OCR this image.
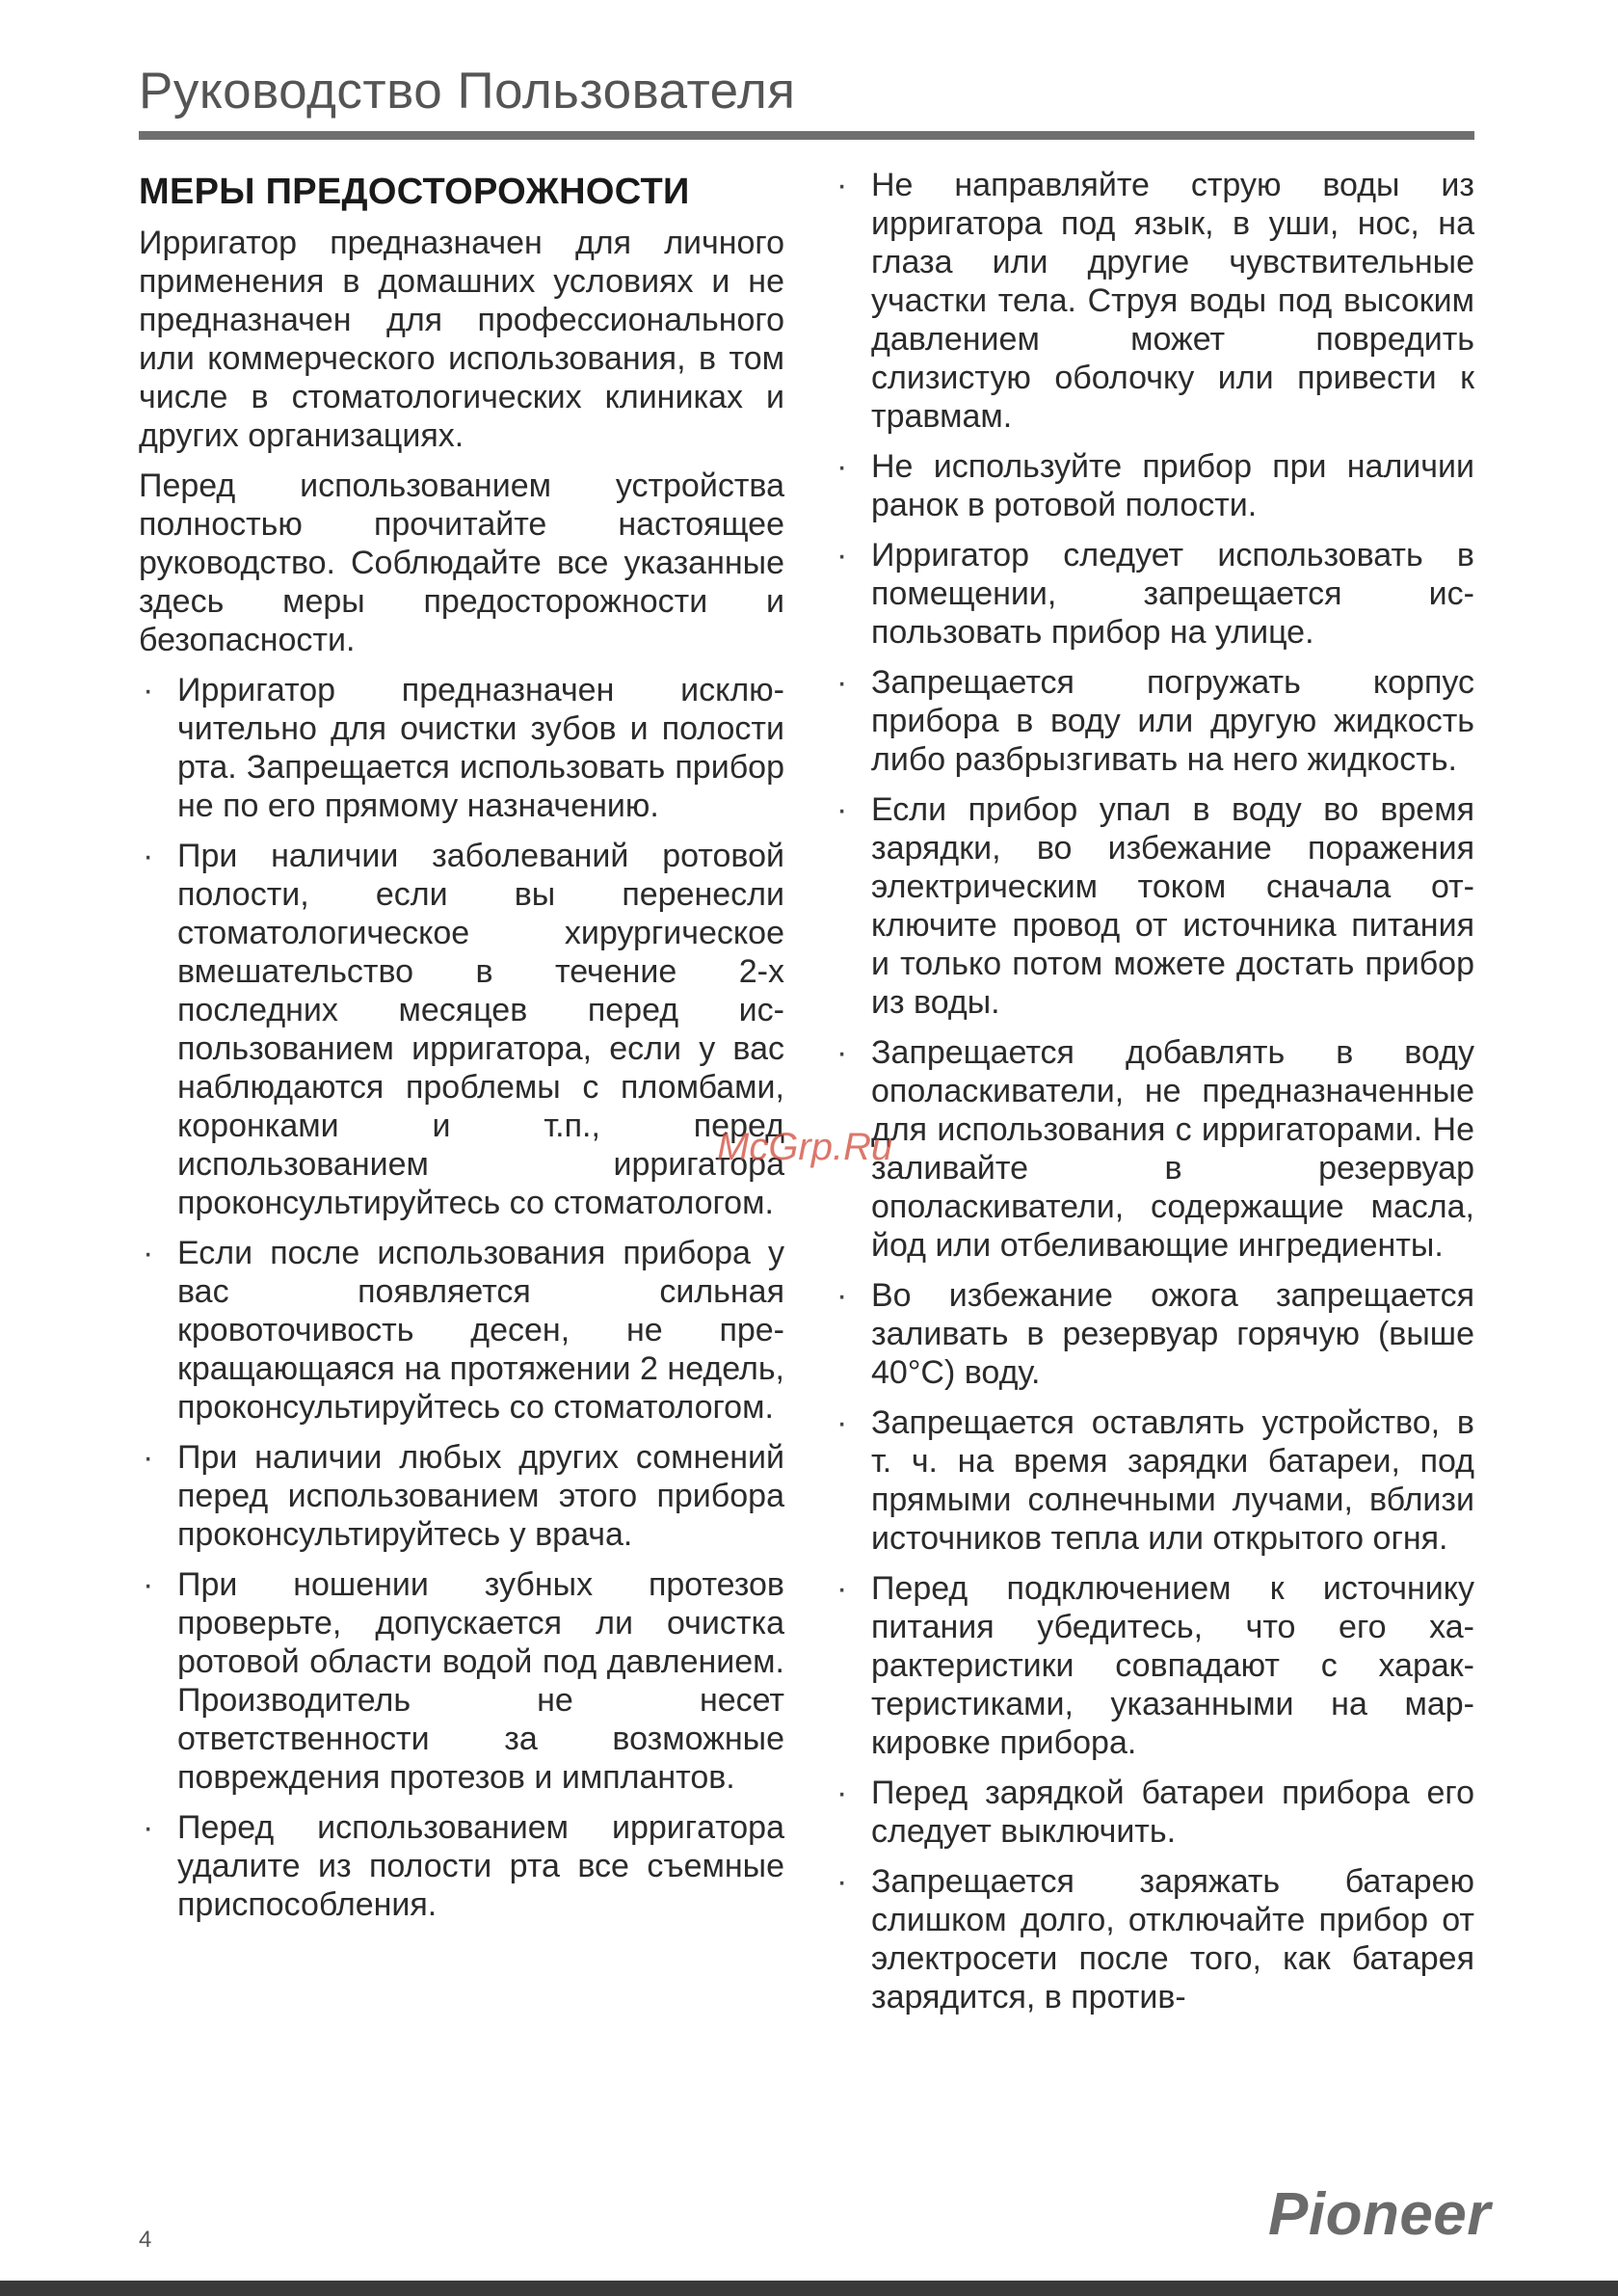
Руководство Пользователя
МЕРЫ ПРЕДОСТОРОЖНОСТИ

Ирригатор предназначен для личного применения в домашних условиях и не предназначен для профессионального или коммерческого использования, в том числе в стоматологических клиниках и других организациях.

Перед использованием устройства полностью прочитайте настоящее руководство. Соблюдайте все указанные здесь меры предосторожности и безопасности.

· Ирригатор предназначен исключительно для очистки зубов и полости рта. Запрещается использовать прибор не по его прямому назначению.
· При наличии заболеваний ротовой полости, если вы перенесли стоматологическое хирургическое вмешательство в течение 2-х последних месяцев перед использованием ирригатора, если у вас наблюдаются проблемы с пломбами, коронками и т.п., перед использованием ирригатора проконсультируйтесь со стоматологом.
· Если после использования прибора у вас появляется сильная кровоточивость десен, не прекращающаяся на протяжении 2 недель, проконсультируйтесь со стоматологом.
· При наличии любых других сомнений перед использованием этого прибора проконсультируйтесь у врача.
· При ношении зубных протезов проверьте, допускается ли очистка ротовой области водой под давлением. Производитель не несет ответственности за возможные повреждения протезов и имплантов.
· Перед использованием ирригaтора удалите из полости рта все съемные приспособления.
· Не направляйте струю воды из ирригатора под язык, в уши, нос, на глаза или другие чувствительные участки тела. Струя воды под высоким давлением может повредить слизистую оболочку или привести к травмам.
· Не используйте прибор при наличии ранок в ротовой полости.
· Ирригатор следует использовать в помещении, запрещается использовать прибор на улице.
· Запрещается погружать корпус прибора в воду или другую жидкость либо разбрызгивать на него жидкость.
· Если прибор упал в воду во время зарядки, во избежание поражения электрическим током сначала отключите провод от источника питания и только потом можете достать прибор из воды.
· Запрещается добавлять в воду ополаскиватели, не предназначенные для использования с ирригаторами. Не заливайте в резервуар ополаскиватели, содержащие масла, йод или отбеливающие ингредиенты.
· Во избежание ожога запрещается заливать в резервуар горячую (выше 40°C) воду.
· Запрещается оставлять устройство, в т. ч. на время зарядки батареи, под прямыми солнечными лучами, вблизи источников тепла или открытого огня.
· Перед подключением к источнику питания убедитесь, что его характеристики совпадают с характеристиками, указанными на маркировке прибора.
· Перед зарядкой батареи прибора его следует выключить.
· Запрещается заряжать батарею слишком долго, отключайте прибор от электросети после того, как батарея зарядится, в против-
McGrp.Ru
4	Pioneer
